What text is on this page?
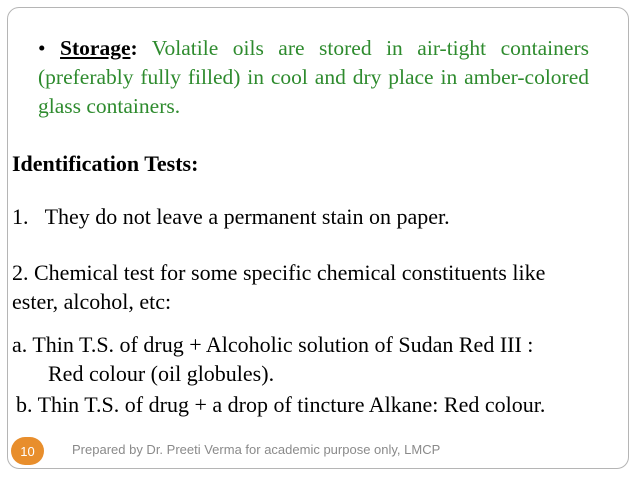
• Storage: Volatile oils are stored in air-tight containers (preferably fully filled) in cool and dry place in amber-colored glass containers.
Identification Tests:
1.   They do not leave a permanent stain on paper.
2. Chemical test for some specific chemical constituents like
ester, alcohol, etc:
a. Thin T.S. of drug + Alcoholic solution of Sudan Red III :
Red colour (oil globules).
b. Thin T.S. of drug + a drop of tincture Alkane: Red colour.
10	Prepared by Dr. Preeti Verma for academic purpose only, LMCP
